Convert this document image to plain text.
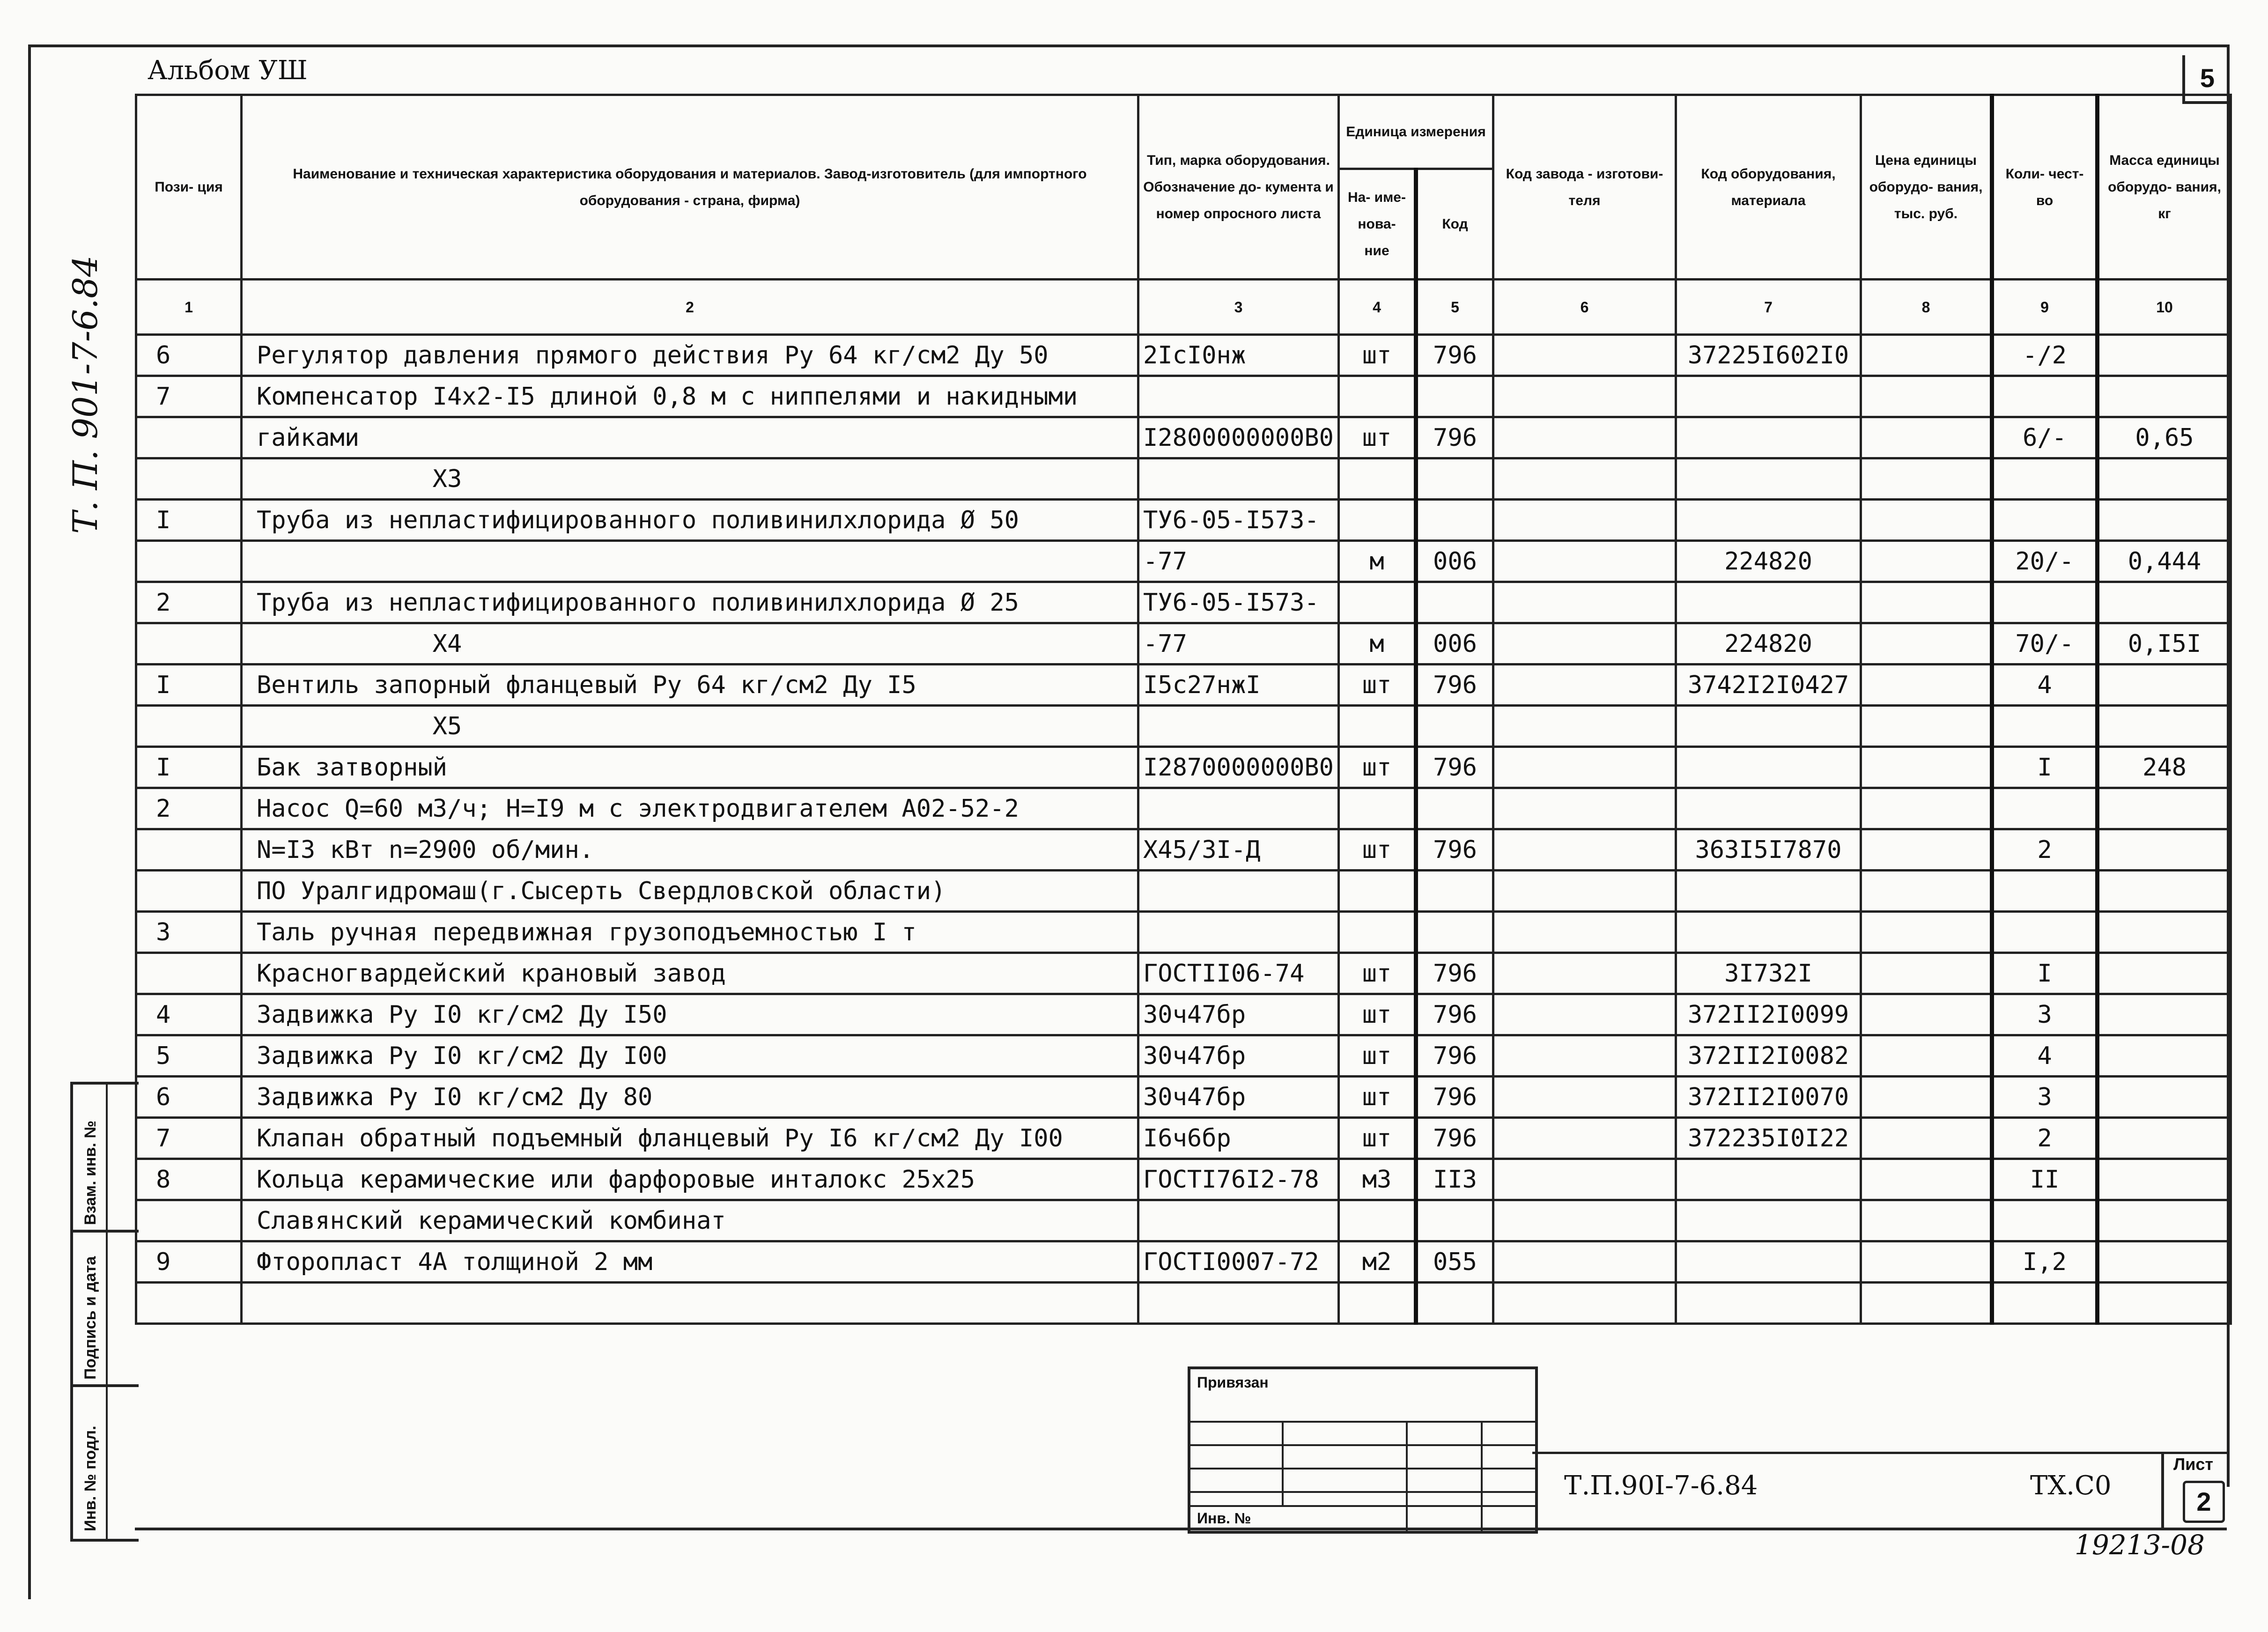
Альбом УШ	5
Т. П. 901-7-6.84
Взам. инв. №
Подпись и дата
Инв. № подл.
Пози- ция	Наименование и техническая характеристика оборудования и материалов. Завод-изготовитель (для импортного оборудования - страна, фирма)	Тип, марка оборудования. Обозначение до- кумента и номер опросного листа	Единица измерения		Код завода - изготови- теля	Код оборудования, материала	Цена единицы оборудо- вания, тыс. руб.	Коли- чест- во	Масса единицы оборудо- вания, кг
			На- име- нова- ние	Код					
1	2	3	4	5	6	7	8	9	10
6	Регулятор давления прямого действия Ру 64 кг/см2 Ду 50	2IсI0нж	шт	796		37225I602I0		-/2	
7	Компенсатор I4х2-I5 длиной 0,8 м с ниппелями и накидными								
	гайками	I2800000000В0	шт	796				6/-	0,65
	Х3								
I	Труба из непластифицированного поливинилхлорида Ø 50	ТУ6-05-I573-							
		-77	м	006		224820		20/-	0,444
2	Труба из непластифицированного поливинилхлорида Ø 25	ТУ6-05-I573-							
	Х4	-77	м	006		224820		70/-	0,I5I
I	Вентиль запорный фланцевый Ру 64 кг/см2 Ду I5	I5с27нжI	шт	796		3742I2I0427		4	
	Х5								
I	Бак затворный	I2870000000В0	шт	796				I	248
2	Насос Q=60 м3/ч; Н=I9 м с электродвигателем А02-52-2								
	N=I3 кВт n=2900 об/мин.	Х45/3I-Д	шт	796		363I5I7870		2	
	ПО Уралгидромаш(г.Сысерть Свердловской области)								
3	Таль ручная передвижная грузоподъемностью I т								
	Красногвардейский крановый завод	ГОСТII06-74	шт	796		3I732I		I	
4	Задвижка Ру I0 кг/см2 Ду I50	30ч47бр	шт	796		372II2I0099		3	
5	Задвижка Ру I0 кг/см2 Ду I00	30ч47бр	шт	796		372II2I0082		4	
6	Задвижка Ру I0 кг/см2 Ду 80	30ч47бр	шт	796		372II2I0070		3	
7	Клапан обратный подъемный фланцевый Ру I6 кг/см2 Ду I00	I6ч6бр	шт	796		372235I0I22		2	
8	Кольца керамические или фарфоровые инталокс 25х25	ГОСТI76I2-78	м3	II3				II	
	Славянский керамический комбинат								
9	Фторопласт 4А толщиной 2 мм	ГОСТI0007-72	м2	055				I,2	

Привязан
Инв. №
Т.П.90I-7-6.84	ТХ.С0
Лист
2
19213-08
